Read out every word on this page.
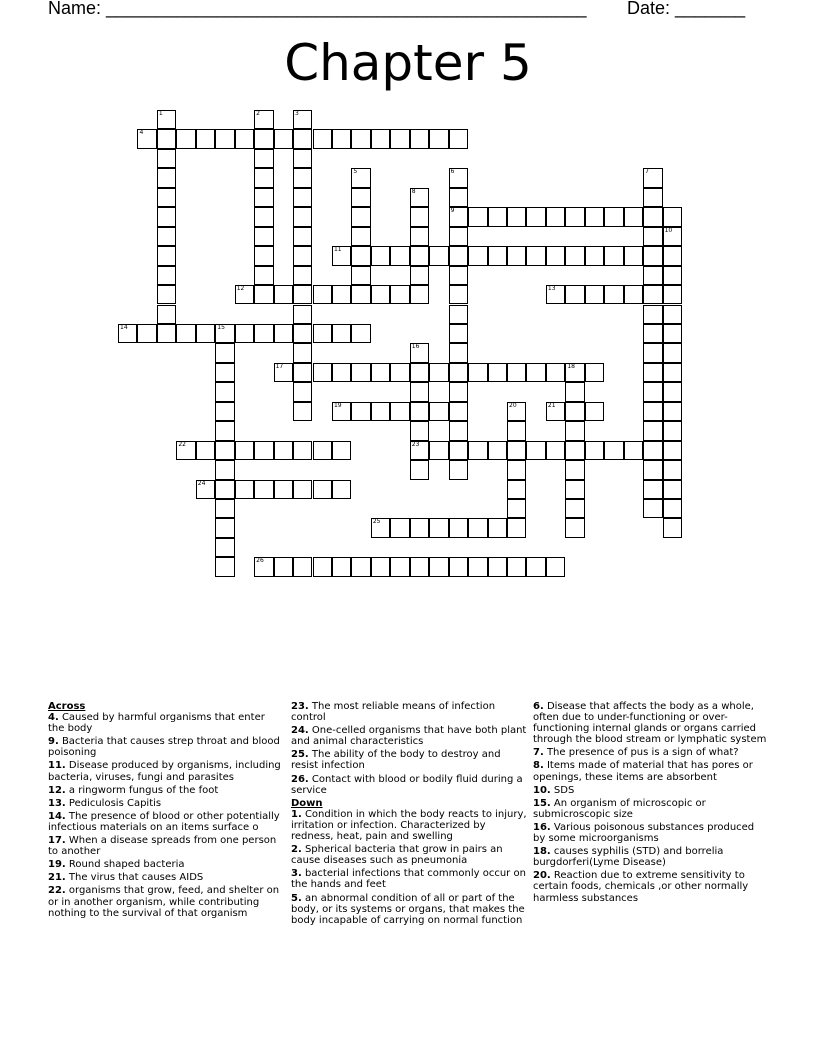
Name: ________________________________________________ Date: _______
Chapter 5
1	2	3
4
5	6
9
7
8
10
11
12	13
14	15
16
23
17	18
19	20	21
22
24
25
26
Across
4. Caused by harmful organisms that enter the body
9. Bacteria that causes strep throat and blood poisoning
11. Disease produced by organisms, including bacteria, viruses, fungi and parasites
12. a ringworm fungus of the foot
13. Pediculosis Capitis
14. The presence of blood or other potentially infectious materials on an items surface o
17. When a disease spreads from one person to another
19. Round shaped bacteria
21. The virus that causes AIDS
22. organisms that grow, feed, and shelter on or in another organism, while contributing nothing to the survival of that organism
23. The most reliable means of infection control
24. One-celled organisms that have both plant and animal characteristics
25. The ability of the body to destroy and resist infection
26. Contact with blood or bodily fluid during a service
Down
1. Condition in which the body reacts to injury, irritation or infection. Characterized by redness, heat, pain and swelling
2. Spherical bacteria that grow in pairs an cause diseases such as pneumonia
3. bacterial infections that commonly occur on the hands and feet
5. an abnormal condition of all or part of the body, or its systems or organs, that makes the body incapable of carrying on normal function
6. Disease that affects the body as a whole, often due to under-functioning or over-functioning internal glands or organs carried through the blood stream or lymphatic system
7. The presence of pus is a sign of what?
8. Items made of material that has pores or openings, these items are absorbent
10. SDS
15. An organism of microscopic or submicroscopic size
16. Various poisonous substances produced by some microorganisms
18. causes syphilis (STD) and borrelia burgdorferi(Lyme Disease)
20. Reaction due to extreme sensitivity to certain foods, chemicals ,or other normally harmless substances
